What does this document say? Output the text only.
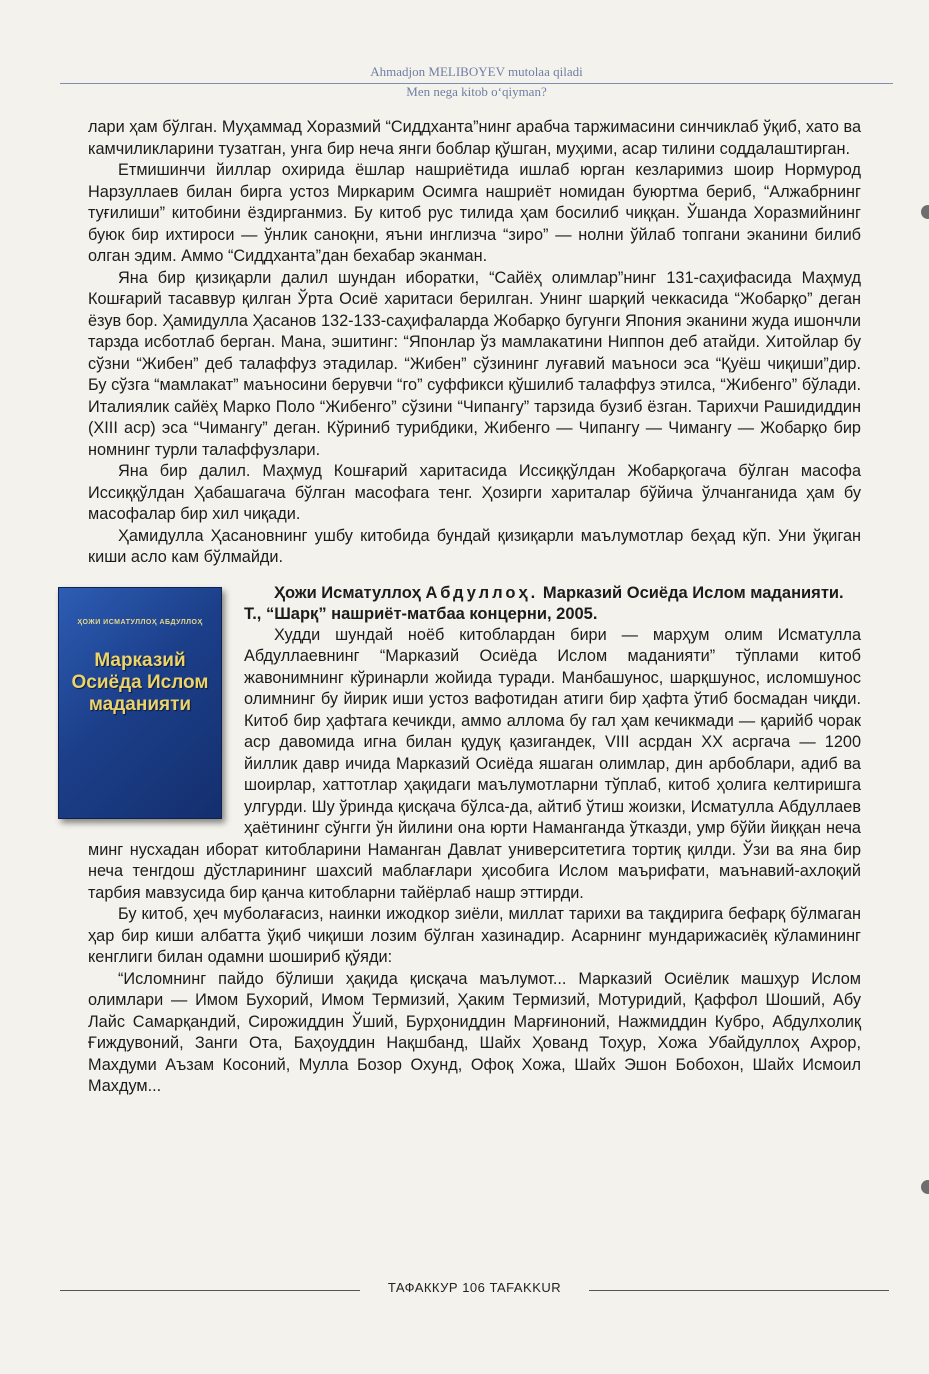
Ahmadjon MELIBOYEV mutolaa qiladi
Men nega kitob o‘qiyman?

лари ҳам бўлган. Муҳаммад Хоразмий “Сиддханта”нинг арабча таржимасини синчиклаб ўқиб, хато ва камчиликларини тузатган, унга бир неча янги боблар қўшган, муҳими, асар тилини соддалаштирган.

Етмишинчи йиллар охирида ёшлар нашриётида ишлаб юрган кезларимиз шоир Нормурод Нарзуллаев билан бирга устоз Миркарим Осимга нашриёт номидан буюртма бериб, “Алжабрнинг туғилиши” китобини ёздирганмиз. Бу китоб рус тилида ҳам босилиб чиққан. Ўшанда Хоразмийнинг буюк бир ихтироси — ўнлик саноқни, яъни инглизча “зиро” — нолни ўйлаб топгани эканини билиб олган эдим. Аммо “Сиддханта”дан бехабар эканман.

Яна бир қизиқарли далил шундан иборатки, “Сайёҳ олимлар”нинг 131-саҳифасида Маҳмуд Кошғарий тасаввур қилган Ўрта Осиё харитаси берилган. Унинг шарқий чеккасида “Жобарқо” деган ёзув бор. Ҳамидулла Ҳасанов 132-133-саҳифаларда Жобарқо бугунги Япония эканини жуда ишончли тарзда исботлаб берган. Мана, эшитинг: “Японлар ўз мамлакатини Ниппон деб атайди. Хитойлар бу сўзни “Жибен” деб талаффуз этадилар. “Жибен” сўзининг луғавий маъноси эса “Қуёш чиқиши”дир. Бу сўзга “мамлакат” маъносини берувчи “го” суффикси қўшилиб талаффуз этилса, “Жибенго” бўлади. Италиялик сайёҳ Марко Поло “Жибенго” сўзини “Чипангу” тарзида бузиб ёзган. Тарихчи Рашидиддин (XIII аср) эса “Чимангу” деган. Кўриниб турибдики, Жибенго — Чипангу — Чимангу — Жобарқо бир номнинг турли талаффузлари.

Яна бир далил. Маҳмуд Кошғарий харитасида Иссиққўлдан Жобарқогача бўлган масофа Иссиққўлдан Ҳабашагача бўлган масофага тенг. Ҳозирги хариталар бўйича ўлчанганида ҳам бу масофалар бир хил чиқади.

Ҳамидулла Ҳасановнинг ушбу китобида бундай қизиқарли маълумотлар беҳад кўп. Уни ўқиган киши асло кам бўлмайди.

ҲОЖИ ИСМАТУЛЛОҲ АБДУЛЛОҲ
Марказий Осиёда Ислом маданияти

Ҳожи Исматуллоҳ Абдуллоҳ. Марказий Осиёда Ислом маданияти. Т., “Шарқ” нашриёт-матбаа концерни, 2005.

Худди шундай ноёб китоблардан бири — марҳум олим Исматулла Абдуллаевнинг “Марказий Осиёда Ислом маданияти” тўплами китоб жавонимнинг кўринарли жойида туради. Манбашунос, шарқшунос, исломшунос олимнинг бу йирик иши устоз вафотидан атиги бир ҳафта ўтиб босмадан чиқди. Китоб бир ҳафтага кечикди, аммо аллома бу гал ҳам кечикмади — қарийб чорак аср давомида игна билан қудуқ қазигандек, VIII асрдан XX асргача — 1200 йиллик давр ичида Марказий Осиёда яшаган олимлар, дин арбоблари, адиб ва шоирлар, хаттотлар ҳақидаги маълумотларни тўплаб, китоб ҳолига келтиришга улгурди. Шу ўринда қисқача бўлса-да, айтиб ўтиш жоизки, Исматулла Абдуллаев ҳаётининг сўнгги ўн йилини она юрти Наманганда ўтказди, умр бўйи йиққан неча минг нусхадан иборат китобларини Наманган Давлат университетига тортиқ қилди. Ўзи ва яна бир неча тенгдош дўстларининг шахсий маблағлари ҳисобига Ислом маърифати, маънавий-ахлоқий тарбия мавзусида бир қанча китобларни тайёрлаб нашр эттирди.

Бу китоб, ҳеч муболағасиз, наинки ижодкор зиёли, миллат тарихи ва тақдирига бефарқ бўлмаган ҳар бир киши албатта ўқиб чиқиши лозим бўлган хазинадир. Асарнинг мундарижасиёқ кўламининг кенглиги билан одамни шошириб қўяди:

“Исломнинг пайдо бўлиши ҳақида қисқача маълумот... Марказий Осиёлик машҳур Ислом олимлари — Имом Бухорий, Имом Термизий, Ҳаким Термизий, Мотуридий, Қаффол Шоший, Абу Лайс Самарқандий, Сирожиддин Ўший, Бурҳониддин Марғиноний, Нажмиддин Кубро, Абдулхолиқ Ғиждувоний, Занги Ота, Баҳоуддин Нақшбанд, Шайх Ҳованд Тоҳур, Хожа Убайдуллоҳ Аҳрор, Махдуми Аъзам Косоний, Мулла Бозор Охунд, Офоқ Хожа, Шайх Эшон Бобохон, Шайх Исмоил Махдум...

ТАФАККУР 106 TAFAKKUR
